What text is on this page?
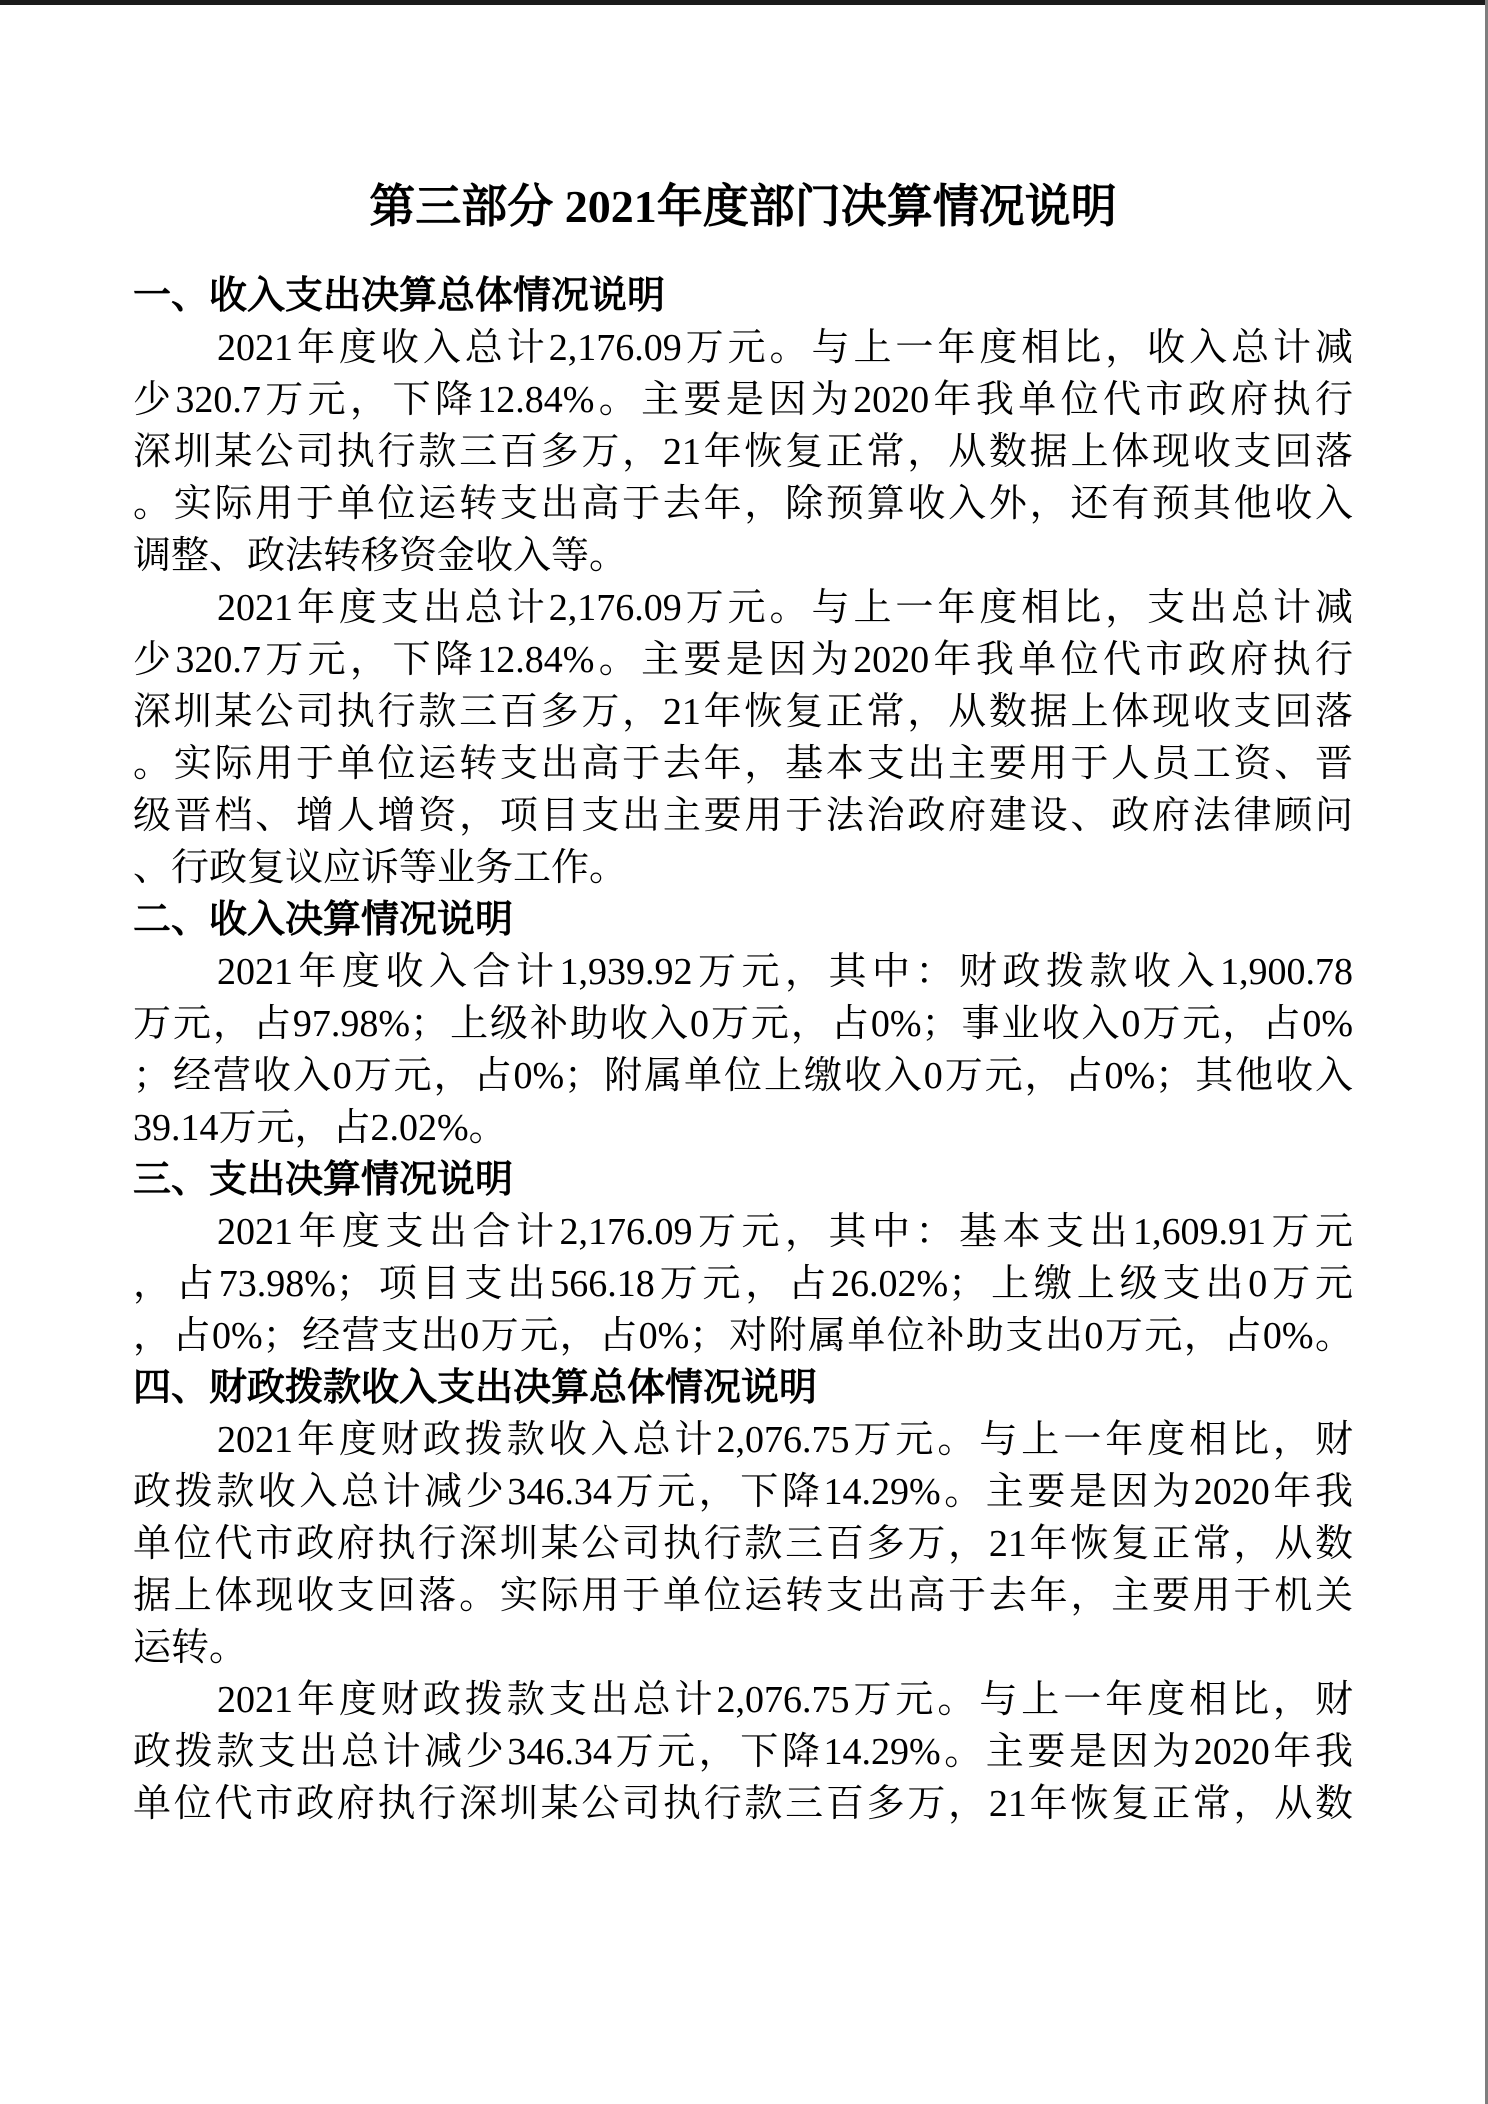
第三部分 2021年度部门决算情况说明
一、收入支出决算总体情况说明
2021年度收入总计2,176.09万元。与上一年度相比，收入总计减
少320.7万元，下降12.84%。主要是因为2020年我单位代市政府执行
深圳某公司执行款三百多万，21年恢复正常，从数据上体现收支回落
。实际用于单位运转支出高于去年，除预算收入外，还有预其他收入
调整、政法转移资金收入等。
2021年度支出总计2,176.09万元。与上一年度相比，支出总计减
少320.7万元，下降12.84%。主要是因为2020年我单位代市政府执行
深圳某公司执行款三百多万，21年恢复正常，从数据上体现收支回落
。实际用于单位运转支出高于去年，基本支出主要用于人员工资、晋
级晋档、增人增资，项目支出主要用于法治政府建设、政府法律顾问
、行政复议应诉等业务工作。
二、收入决算情况说明
2021年度收入合计1,939.92万元，其中：财政拨款收入1,900.78
万元，占97.98%；上级补助收入0万元，占0%；事业收入0万元，占0%
；经营收入0万元，占0%；附属单位上缴收入0万元，占0%；其他收入
39.14万元，占2.02%。
三、支出决算情况说明
2021年度支出合计2,176.09万元，其中：基本支出1,609.91万元
，占73.98%；项目支出566.18万元，占26.02%；上缴上级支出0万元
，占0%；经营支出0万元，占0%；对附属单位补助支出0万元，占0%。
四、财政拨款收入支出决算总体情况说明
2021年度财政拨款收入总计2,076.75万元。与上一年度相比，财
政拨款收入总计减少346.34万元，下降14.29%。主要是因为2020年我
单位代市政府执行深圳某公司执行款三百多万，21年恢复正常，从数
据上体现收支回落。实际用于单位运转支出高于去年，主要用于机关
运转。
2021年度财政拨款支出总计2,076.75万元。与上一年度相比，财
政拨款支出总计减少346.34万元，下降14.29%。主要是因为2020年我
单位代市政府执行深圳某公司执行款三百多万，21年恢复正常，从数
